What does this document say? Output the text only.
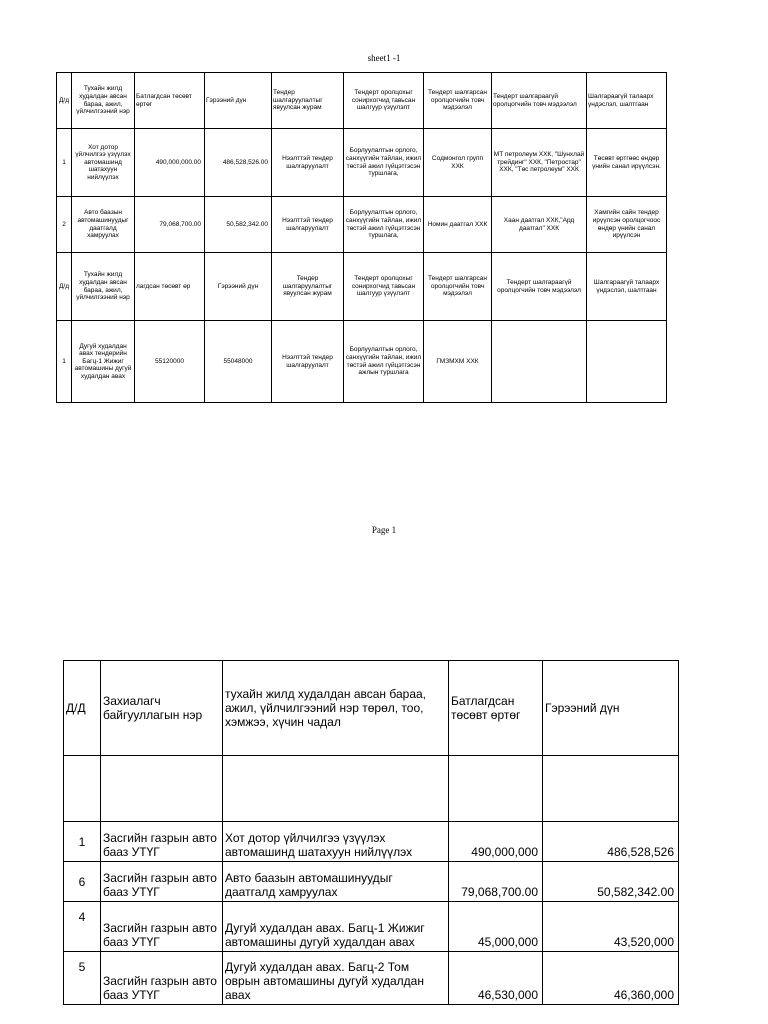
sheet1 -1
Д/д	Тухайн жилд худалдан авсан бараа, ажил, үйлчилгээний нэр	Батлагдсан төсөвт өртөг	Гэрээний дүн	Тендер шалгаруулалтыг явуулсан журам	Тендерт оролцохыг сонирхогчид тавьсан шалгуур үзүүлэлт	Тендерт шалгарсан оролцогчийн товч мэдээлэл	Тендерт шалгараагүй оролцогчийн товч мэдээлэл	Шалгараагүй талаарх үндэслэл, шалтгаан
1	Хот дотор үйлчилгээ үзүүлэх автомашинд шатахуун нийлүүлэх	490,000,000.00	486,528,526.00	Нээлттэй тендер шалгаруулалт	Борлуулалтын орлого, санхүүгийн тайлан, ижил төстэй ажил гүйцэтгэсэн туршлага,	Содмонгол групп ХХК	МТ петролеум ХХК, "Шунхлай трейдинг" ХХК, "Петростар" ХХК, "Төс петролеум" ХХК	Төсөвт өртгөөс өндөр үнийн санал ирүүлсэн.
2	Авто баазын автомашинуудыг даатгалд хамруулах	79,068,700.00	50,582,342.00	Нээлттэй тендер шалгаруулалт	Борлуулалтын орлого, санхүүгийн тайлан, ижил төстэй ажил гүйцэтгэсэн туршлага,	Номин даатгал ХХК	Хаан даатгал ХХК,"Ард даатгал" ХХК	Хамгийн сайн тендер ирүүлсэн оролцогчоос өндөр үнийн санал ирүүлсэн
Д/д	Тухайн жилд худалдан авсан бараа, ажил, үйлчилгээний нэр	лагдсан төсөвт өр	Гэрээний дүн	Тендер шалгаруулалтыг явуулсан журам	Тендерт оролцохыг сонирхогчид тавьсан шалгуур үзүүлэлт	Тендерт шалгарсан оролцогчийн товч мэдээлэл	Тендерт шалгараагүй оролцогчийн товч мэдээлэл	Шалгараагүй талаарх үндэслэл, шалтгаан
1	Дугуй худалдан авах тендерийн Багц-1 Жижиг автомашины дугуй худалдан авах	55120000	55048000	Нээлттэй тендер шалгаруулалт	Борлуулалтын орлого, санхүүгийн тайлан, ижил төстэй ажил гүйцэтгэсэн ажлын туршлага	ГМЗМХМ ХХК		
Page 1
Д/Д	Захиалагч байгууллагын нэр	тухайн жилд худалдан авсан бараа, ажил, үйлчилгээний нэр төрөл, тоо, хэмжээ, хүчин чадал	Батлагдсан төсөвт өртөг	Гэрээний дүн

1	Засгийн газрын авто бааз УТҮГ	Хот дотор үйлчилгээ үзүүлэх автомашинд шатахуун нийлүүлэх	490,000,000	486,528,526
6	Засгийн газрын авто бааз УТҮГ	Авто баазын автомашинуудыг даатгалд хамруулах	79,068,700.00	50,582,342.00
4	Засгийн газрын авто бааз УТҮГ	Дугуй худалдан авах. Багц-1 Жижиг автомашины дугуй худалдан авах	45,000,000	43,520,000
5	Засгийн газрын авто бааз УТҮГ	Дугуй худалдан авах. Багц-2 Том оврын автомашины дугуй худалдан авах	46,530,000	46,360,000
